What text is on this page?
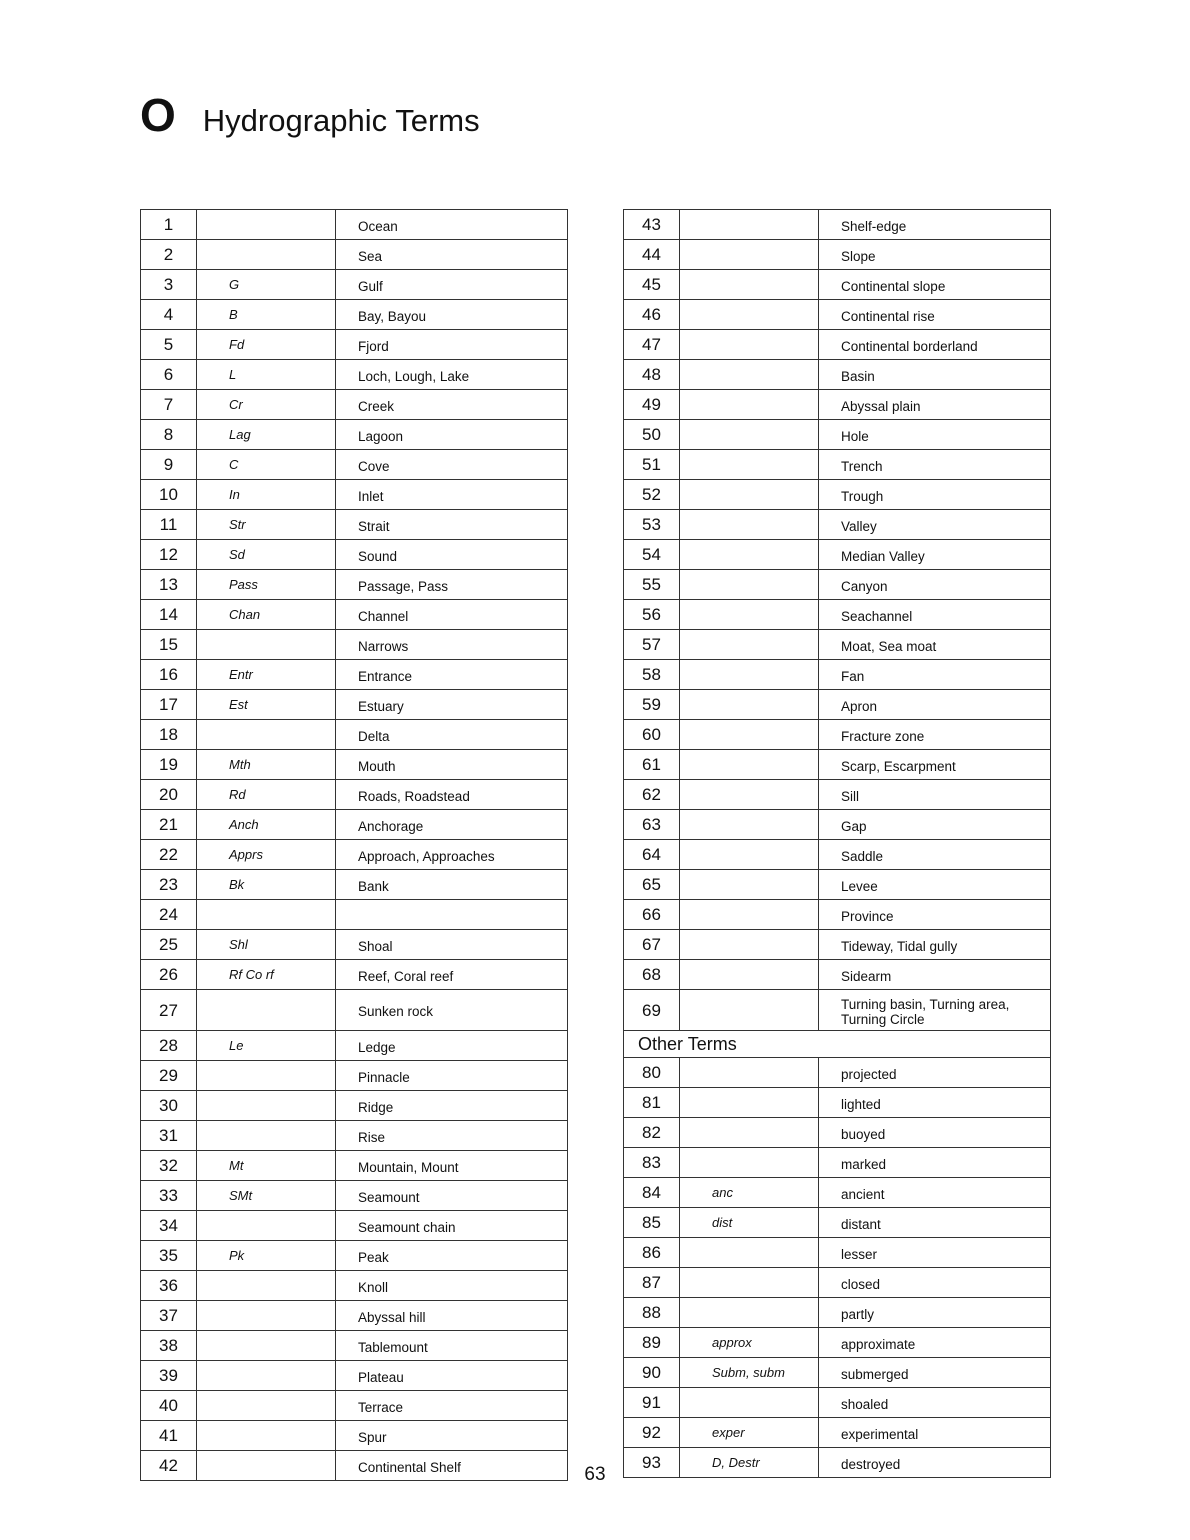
O Hydrographic Terms
1		Ocean
2		Sea
3	G	Gulf
4	B	Bay, Bayou
5	Fd	Fjord
6	L	Loch, Lough, Lake
7	Cr	Creek
8	Lag	Lagoon
9	C	Cove
10	In	Inlet
11	Str	Strait
12	Sd	Sound
13	Pass	Passage, Pass
14	Chan	Channel
15		Narrows
16	Entr	Entrance
17	Est	Estuary
18		Delta
19	Mth	Mouth
20	Rd	Roads, Roadstead
21	Anch	Anchorage
22	Apprs	Approach, Approaches
23	Bk	Bank
24		
25	Shl	Shoal
26	Rf Co rf	Reef, Coral reef
27		Sunken rock
28	Le	Ledge
29		Pinnacle
30		Ridge
31		Rise
32	Mt	Mountain, Mount
33	SMt	Seamount
34		Seamount chain
35	Pk	Peak
36		Knoll
37		Abyssal hill
38		Tablemount
39		Plateau
40		Terrace
41		Spur
42		Continental Shelf
43		Shelf-edge
44		Slope
45		Continental slope
46		Continental rise
47		Continental borderland
48		Basin
49		Abyssal plain
50		Hole
51		Trench
52		Trough
53		Valley
54		Median Valley
55		Canyon
56		Seachannel
57		Moat, Sea moat
58		Fan
59		Apron
60		Fracture zone
61		Scarp, Escarpment
62		Sill
63		Gap
64		Saddle
65		Levee
66		Province
67		Tideway, Tidal gully
68		Sidearm
69		Turning basin, Turning area,
Turning Circle

Other Terms		
80		projected
81		lighted
82		buoyed
83		marked
84	anc	ancient
85	dist	distant
86		lesser
87		closed
88		partly
89	approx	approximate
90	Subm, subm	submerged
91		shoaled
92	exper	experimental
93	D, Destr	destroyed
63
